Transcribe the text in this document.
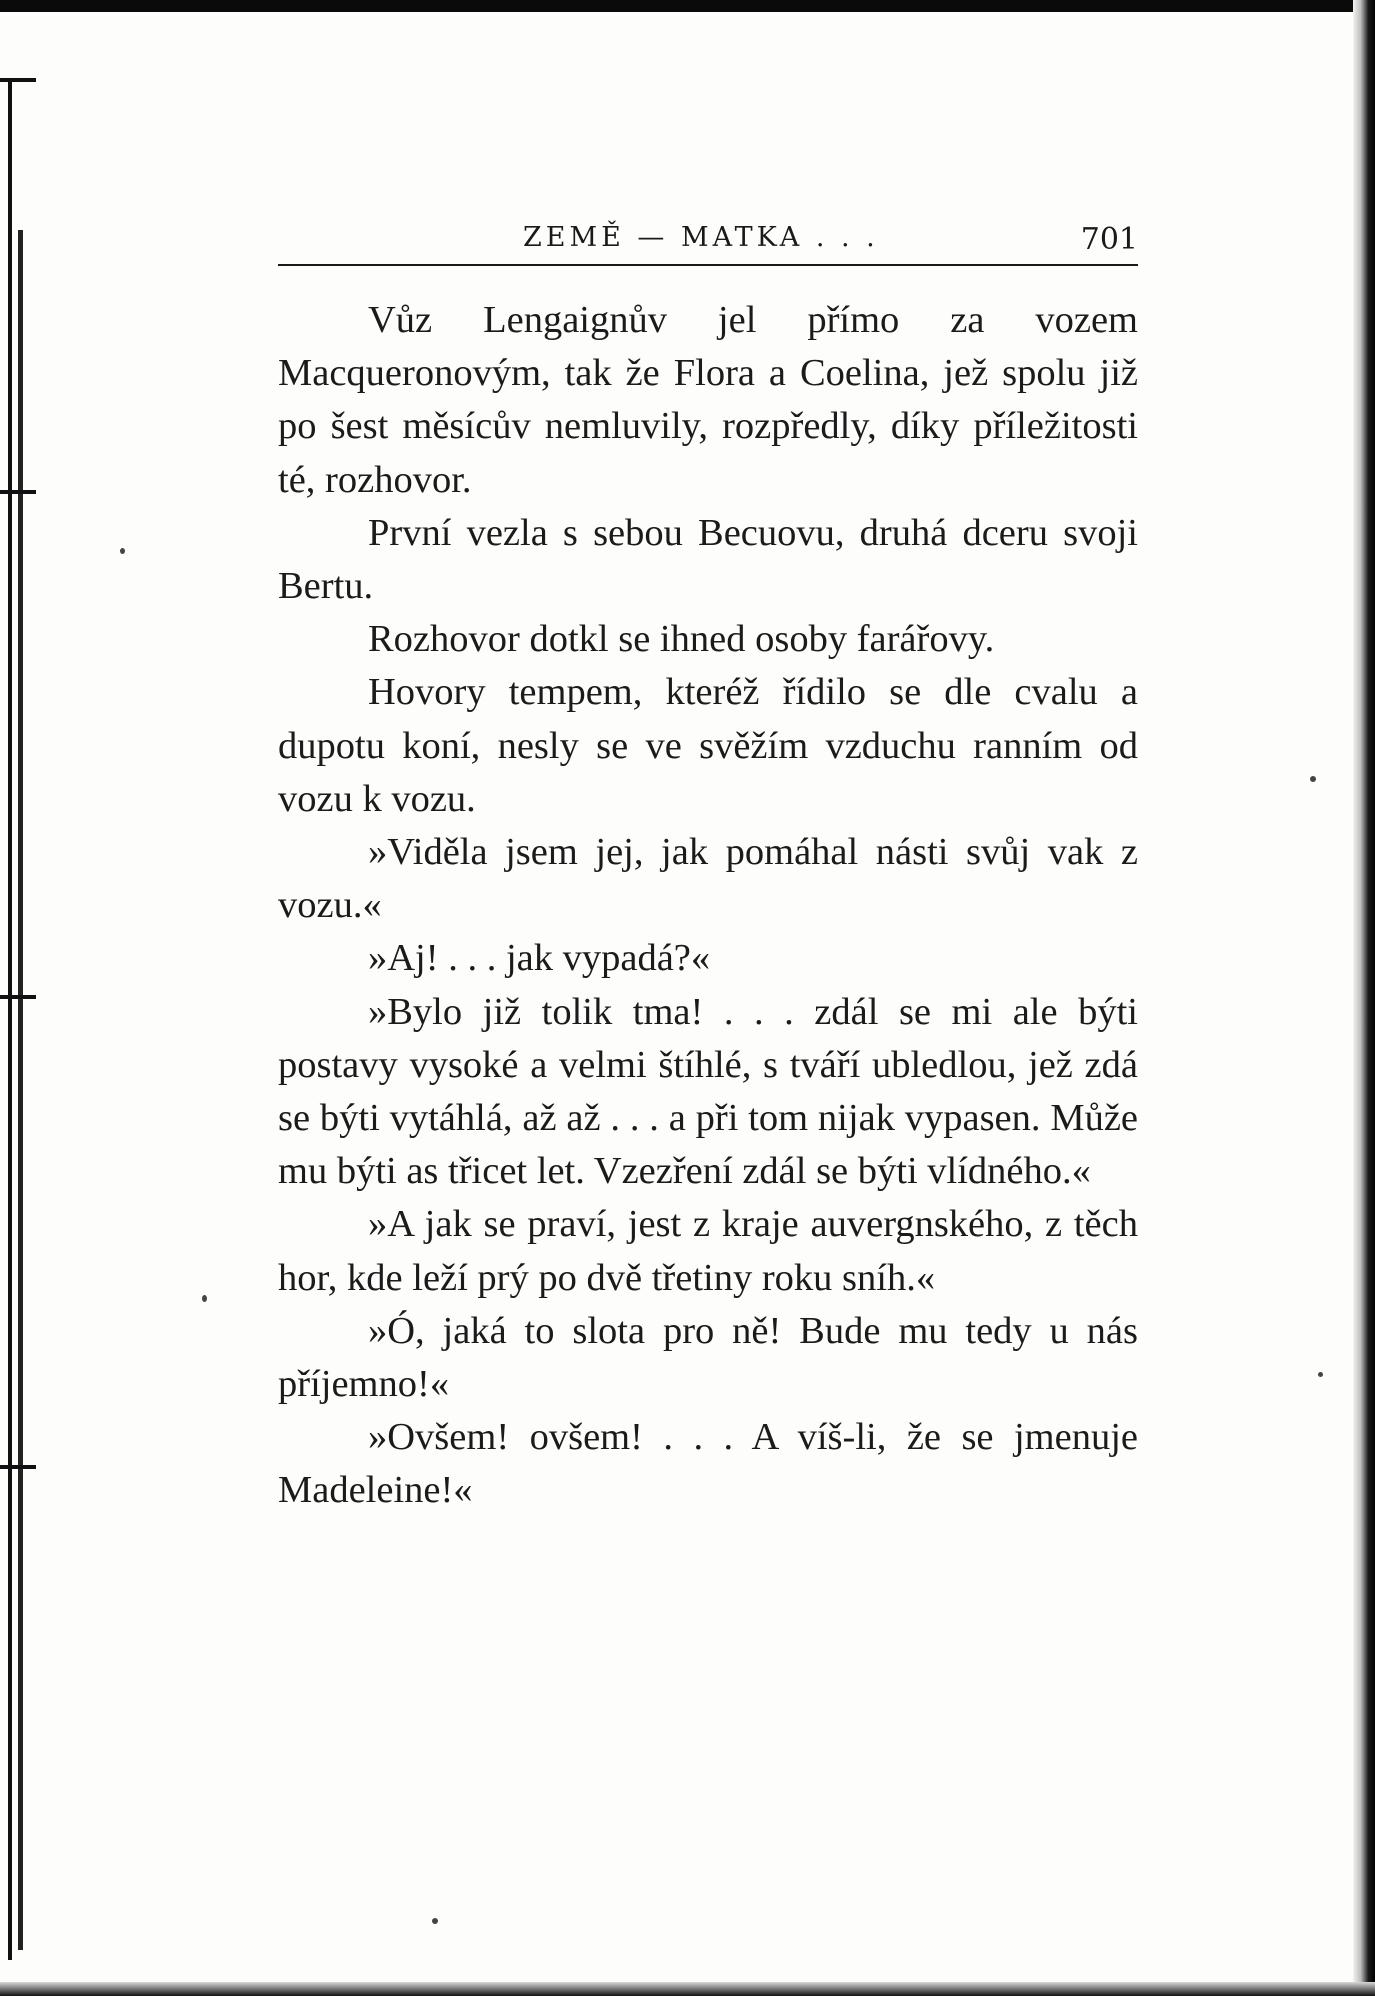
ZEMĚ — MATKA . . .	701

Vůz Lengaignův jel přímo za vozem Macqueronovým, tak že Flora a Coelina, jež spolu již po šest měsícův nemluvily, rozpředly, díky příležitosti té, rozhovor.

První vezla s sebou Becuovu, druhá dceru svoji Bertu.

Rozhovor dotkl se ihned osoby farářovy.

Hovory tempem, kteréž řídilo se dle cvalu a dupotu koní, nesly se ve svěžím vzduchu ranním od vozu k vozu.

»Viděla jsem jej, jak pomáhal násti svůj vak z vozu.«

»Aj! . . . jak vypadá?«

»Bylo již tolik tma! . . . zdál se mi ale býti postavy vysoké a velmi štíhlé, s tváří ubledlou, jež zdá se býti vytáhlá, až až . . . a při tom nijak vypasen. Může mu býti as třicet let. Vzezření zdál se býti vlídného.«

»A jak se praví, jest z kraje auvergnského, z těch hor, kde leží prý po dvě třetiny roku sníh.«

»Ó, jaká to slota pro ně! Bude mu tedy u nás příjemno!«

»Ovšem! ovšem! . . . A víš-li, že se jmenuje Madeleine!«
